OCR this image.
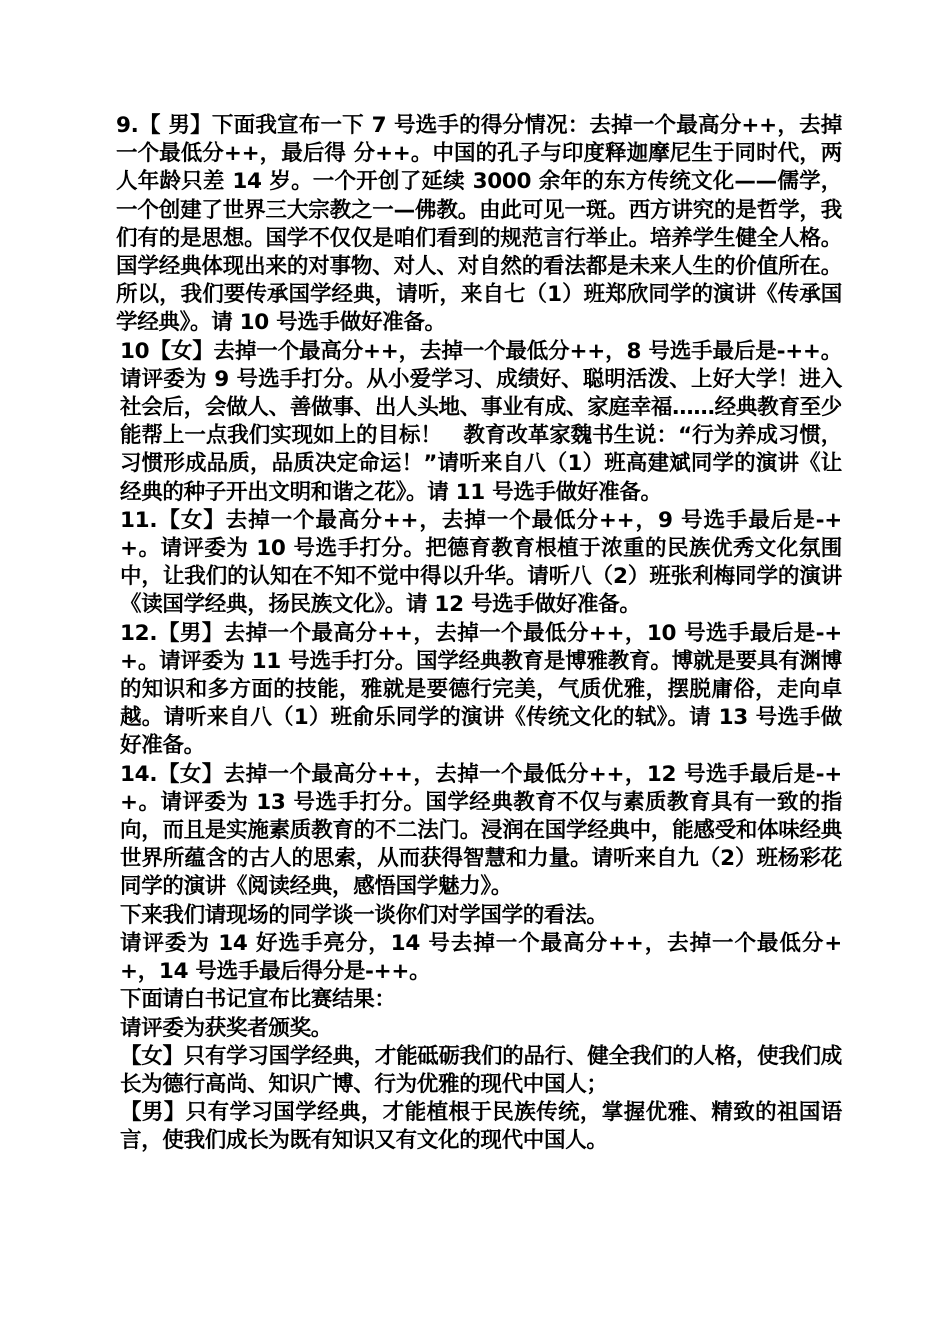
9.【 男】下面我宣布一下 7 号选手的得分情况：去掉一个最高分++，去掉一个最低分++，最后得 分++。中国的孔子与印度释迦摩尼生于同时代，两人年龄只差 14 岁。一个开创了延续 3000 余年的东方传统文化——儒学，一个创建了世界三大宗教之一—佛教。由此可见一斑。西方讲究的是哲学，我们有的是思想。国学不仅仅是咱们看到的规范言行举止。培养学生健全人格。国学经典体现出来的对事物、对人、对自然的看法都是未来人生的价值所在。所以，我们要传承国学经典，请听，来自七（1）班郑欣同学的演讲《传承国学经典》。请 10 号选手做好准备。

10【女】去掉一个最高分++，去掉一个最低分++，8 号选手最后是-++。请评委为 9 号选手打分。从小爱学习、成绩好、聪明活泼、上好大学！进入社会后，会做人、善做事、出人头地、事业有成、家庭幸福……经典教育至少能帮上一点我们实现如上的目标！　教育改革家魏书生说：“行为养成习惯，习惯形成品质，品质决定命运！”请听来自八（1）班高建斌同学的演讲《让经典的种子开出文明和谐之花》。请 11 号选手做好准备。

11.【女】去掉一个最高分++，去掉一个最低分++，9 号选手最后是-++。请评委为 10 号选手打分。把德育教育根植于浓重的民族优秀文化氛围中，让我们的认知在不知不觉中得以升华。请听八（2）班张利梅同学的演讲《读国学经典，扬民族文化》。请 12 号选手做好准备。

12.【男】去掉一个最高分++，去掉一个最低分++，10 号选手最后是-++。请评委为 11 号选手打分。国学经典教育是博雅教育。博就是要具有渊博的知识和多方面的技能，雅就是要德行完美，气质优雅，摆脱庸俗，走向卓越。请听来自八（1）班俞乐同学的演讲《传统文化的轼》。请 13 号选手做好准备。

14.【女】去掉一个最高分++，去掉一个最低分++，12 号选手最后是-++。请评委为 13 号选手打分。国学经典教育不仅与素质教育具有一致的指向，而且是实施素质教育的不二法门。浸润在国学经典中，能感受和体味经典世界所蕴含的古人的思索，从而获得智慧和力量。请听来自九（2）班杨彩花同学的演讲《阅读经典，感悟国学魅力》。

下来我们请现场的同学谈一谈你们对学国学的看法。

请评委为 14 好选手亮分，14 号去掉一个最高分++，去掉一个最低分++，14 号选手最后得分是-++。

下面请白书记宣布比赛结果：

请评委为获奖者颁奖。

【女】只有学习国学经典，才能砥砺我们的品行、健全我们的人格，使我们成长为德行高尚、知识广博、行为优雅的现代中国人；

【男】只有学习国学经典，才能植根于民族传统，掌握优雅、精致的祖国语言，使我们成长为既有知识又有文化的现代中国人。
